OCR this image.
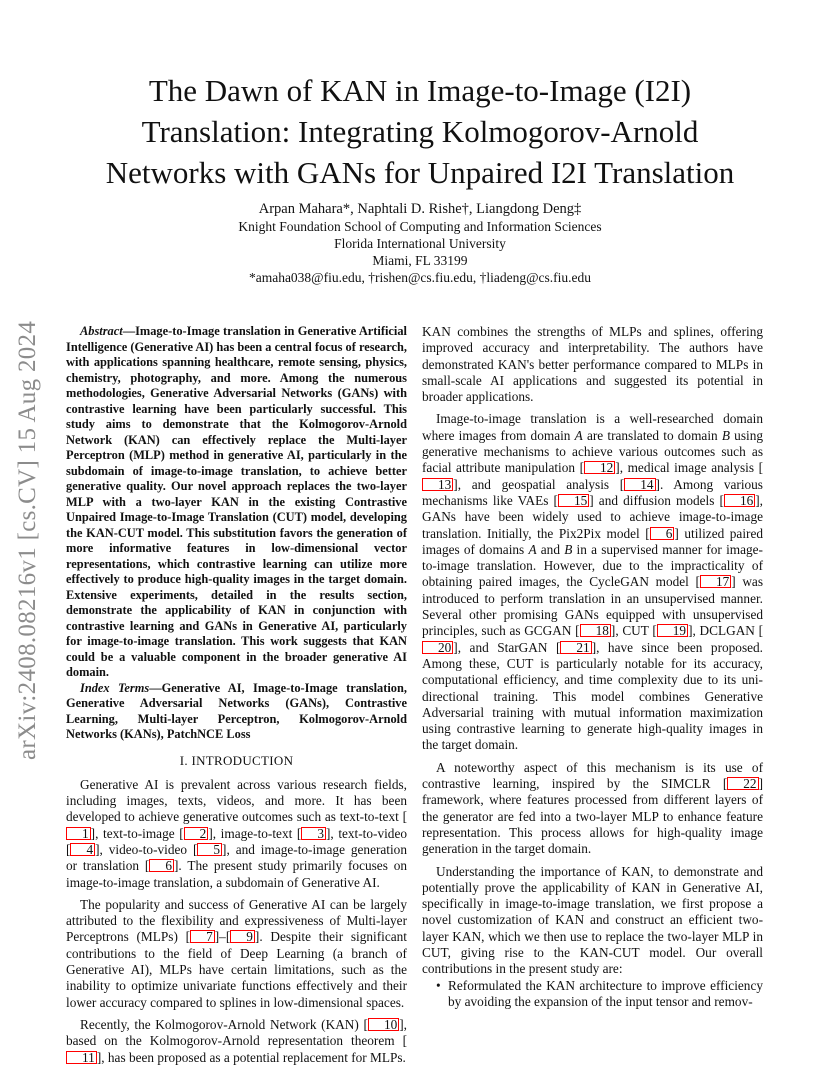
arXiv:2408.08216v1 [cs.CV] 15 Aug 2024
The Dawn of KAN in Image-to-Image (I2I)
Translation: Integrating Kolmogorov-Arnold
Networks with GANs for Unpaired I2I Translation
Arpan Mahara*, Naphtali D. Rishe†, Liangdong Deng‡
Knight Foundation School of Computing and Information Sciences
Florida International University
Miami, FL 33199
*amaha038@fiu.edu, †rishen@cs.fiu.edu, †liadeng@cs.fiu.edu

Abstract—Image-to-Image translation in Generative Artificial Intelligence (Generative AI) has been a central focus of research, with applications spanning healthcare, remote sensing, physics, chemistry, photography, and more. Among the numerous methodologies, Generative Adversarial Networks (GANs) with contrastive learning have been particularly successful. This study aims to demonstrate that the Kolmogorov-Arnold Network (KAN) can effectively replace the Multi-layer Perceptron (MLP) method in generative AI, particularly in the subdomain of image-to-image translation, to achieve better generative quality. Our novel approach replaces the two-layer MLP with a two-layer KAN in the existing Contrastive Unpaired Image-to-Image Translation (CUT) model, developing the KAN-CUT model. This substitution favors the generation of more informative features in low-dimensional vector representations, which contrastive learning can utilize more effectively to produce high-quality images in the target domain. Extensive experiments, detailed in the results section, demonstrate the applicability of KAN in conjunction with contrastive learning and GANs in Generative AI, particularly for image-to-image translation. This work suggests that KAN could be a valuable component in the broader generative AI domain.

Index Terms—Generative AI, Image-to-Image translation, Generative Adversarial Networks (GANs), Contrastive Learning, Multi-layer Perceptron, Kolmogorov-Arnold Networks (KANs), PatchNCE Loss

I. INTRODUCTION

Generative AI is prevalent across various research fields, including images, texts, videos, and more. It has been developed to achieve generative outcomes such as text-to-text [1 ], text-to-image [ 2 ], image-to-text [ 3 ], text-to-video [ 4 ], video-to-video [ 5 ], and image-to-image generation or translation [ 6 ]. The present study primarily focuses on image-to-image translation, a subdomain of Generative AI.

The popularity and success of Generative AI can be largely attributed to the flexibility and expressiveness of Multi-layer Perceptrons (MLPs) [ 7 ]–[ 9 ]. Despite their significant contributions to the field of Deep Learning (a branch of Generative AI), MLPs have certain limitations, such as the inability to optimize univariate functions effectively and their lower accuracy compared to splines in low-dimensional spaces.

Recently, the Kolmogorov-Arnold Network (KAN) [ 10 ], based on the Kolmogorov-Arnold representation theorem [11 ], has been proposed as a potential replacement for MLPs.

KAN combines the strengths of MLPs and splines, offering improved accuracy and interpretability. The authors have demonstrated KAN's better performance compared to MLPs in small-scale AI applications and suggested its potential in broader applications.

Image-to-image translation is a well-researched domain where images from domain A are translated to domain B using generative mechanisms to achieve various outcomes such as facial attribute manipulation [ 12 ], medical image analysis [13 ], and geospatial analysis [ 14 ]. Among various mechanisms like VAEs [ 15 ] and diffusion models [ 16 ], GANs have been widely used to achieve image-to-image translation. Initially, the Pix2Pix model [ 6 ] utilized paired images of domains A and B in a supervised manner for image-to-image translation. However, due to the impracticality of obtaining paired images, the CycleGAN model [ 17 ] was introduced to perform translation in an unsupervised manner. Several other promising GANs equipped with unsupervised principles, such as GCGAN [ 18 ], CUT [ 19 ], DCLGAN [20 ], and StarGAN [ 21 ], have since been proposed. Among these, CUT is particularly notable for its accuracy, computational efficiency, and time complexity due to its uni-directional training. This model combines Generative Adversarial training with mutual information maximization using contrastive learning to generate high-quality images in the target domain.

A noteworthy aspect of this mechanism is its use of contrastive learning, inspired by the SIMCLR [ 22 ] framework, where features processed from different layers of the generator are fed into a two-layer MLP to enhance feature representation. This process allows for high-quality image generation in the target domain.

Understanding the importance of KAN, to demonstrate and potentially prove the applicability of KAN in Generative AI, specifically in image-to-image translation, we first propose a novel customization of KAN and construct an efficient two-layer KAN, which we then use to replace the two-layer MLP in CUT, giving rise to the KAN-CUT model. Our overall contributions in the present study are:

• Reformulated the KAN architecture to improve efficiency by avoiding the expansion of the input tensor and remov-
